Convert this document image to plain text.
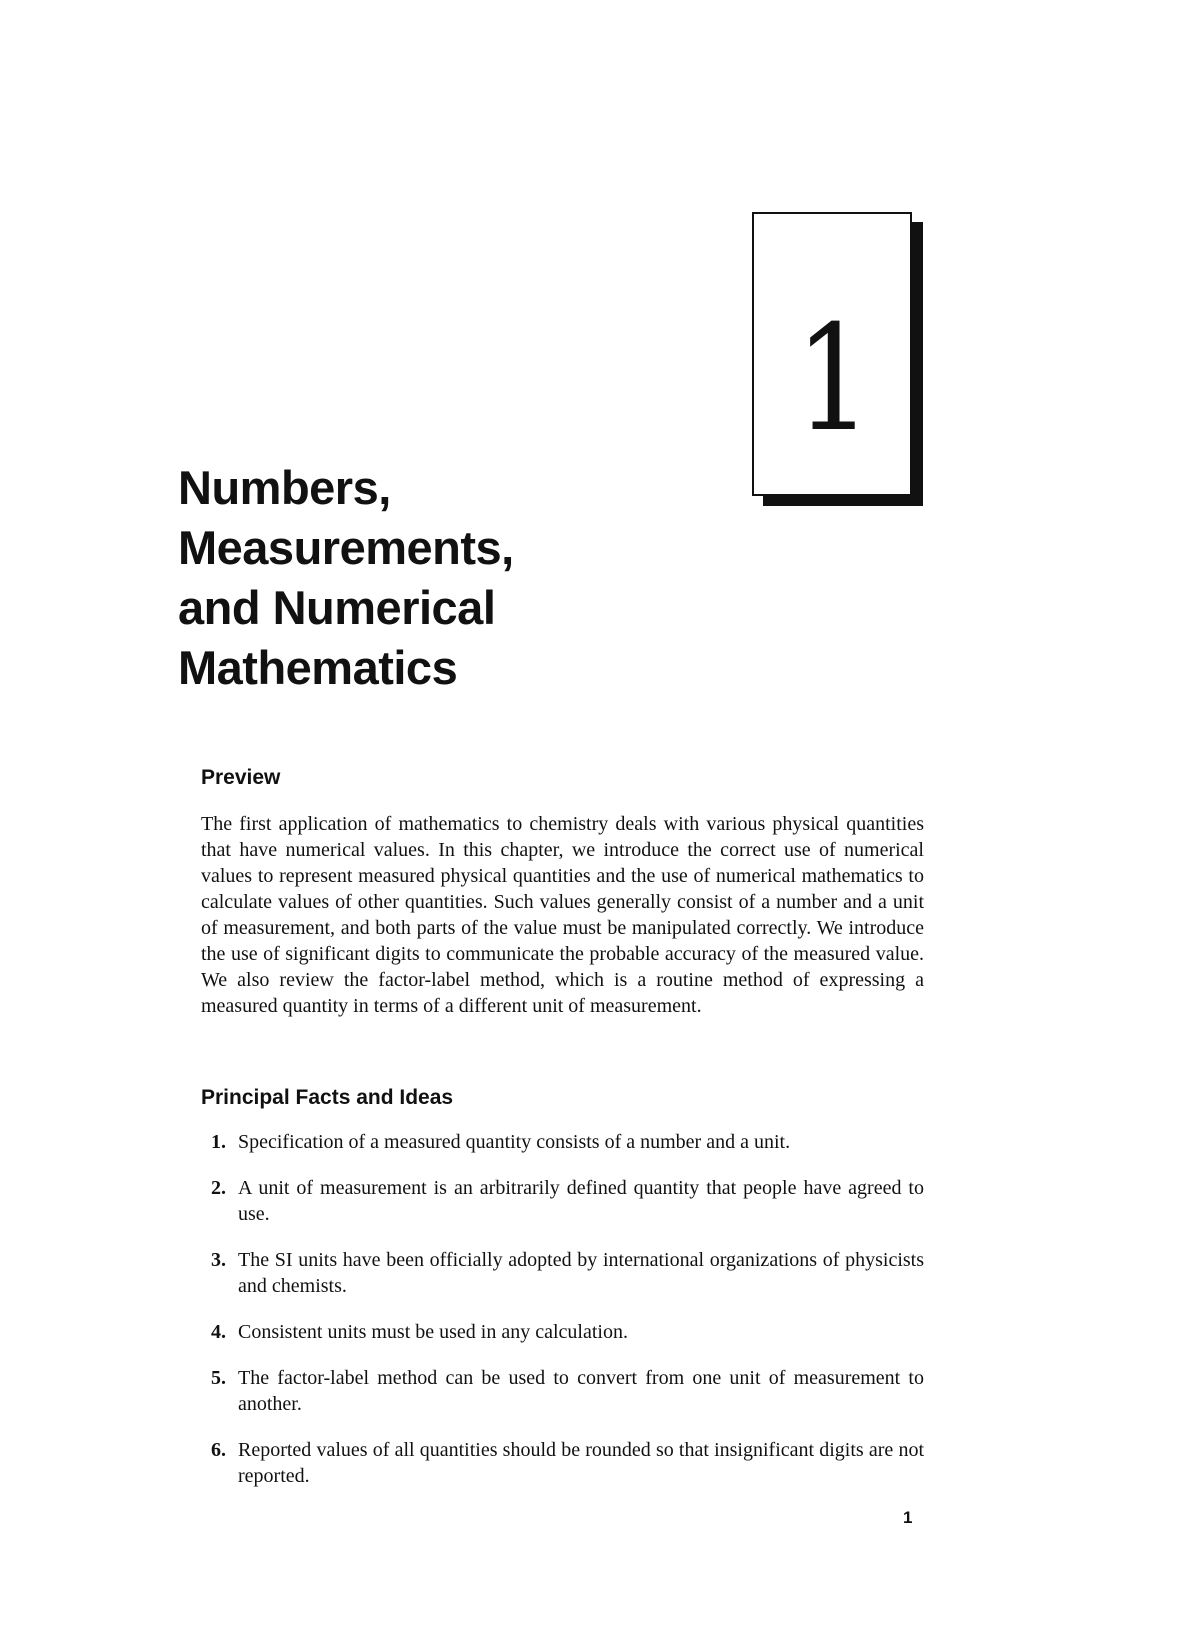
1
Numbers,
Measurements,
and Numerical
Mathematics
Preview

The first application of mathematics to chemistry deals with various physical quantities that have numerical values. In this chapter, we introduce the correct use of numerical values to represent measured physical quantities and the use of numerical mathematics to calculate values of other quantities. Such values generally consist of a number and a unit of measurement, and both parts of the value must be manipulated correctly. We introduce the use of significant digits to communicate the probable accuracy of the measured value. We also review the factor-label method, which is a routine method of expressing a measured quantity in terms of a different unit of measurement.

Principal Facts and Ideas
1. Specification of a measured quantity consists of a number and a unit.
2. A unit of measurement is an arbitrarily defined quantity that people have agreed to use.
3. The SI units have been officially adopted by international organizations of physicists and chemists.
4. Consistent units must be used in any calculation.
5. The factor-label method can be used to convert from one unit of measurement to another.
6. Reported values of all quantities should be rounded so that insignificant digits are not reported.
1
